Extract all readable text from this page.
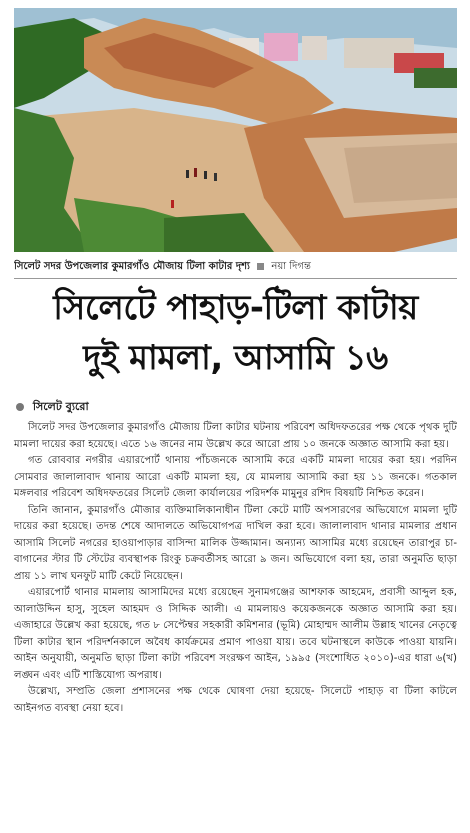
সিলেট সদর উপজেলার কুমারগাঁও মৌজায় টিলা কাটার দৃশ্য নয়া দিগন্ত
সিলেটে পাহাড়-টিলা কাটায়
দুই মামলা, আসামি ১৬
সিলেট ব্যুরো

সিলেট সদর উপজেলার কুমারগাঁও মৌজায় টিলা কাটার ঘটনায় পরিবেশ অধিদফতরের পক্ষ থেকে পৃথক দুটি মামলা দায়ের করা হয়েছে। এতে ১৬ জনের নাম উল্লেখ করে আরো প্রায় ১০ জনকে অজ্ঞাত আসামি করা হয়।

গত রোববার নগরীর এয়ারপোর্ট থানায় পাঁচজনকে আসামি করে একটি মামলা দায়ের করা হয়। পরদিন সোমবার জালালাবাদ থানায় আরো একটি মামলা হয়, যে মামলায় আসামি করা হয় ১১ জনকে। গতকাল মঙ্গলবার পরিবেশ অধিদফতরের সিলেট জেলা কার্যালয়ের পরিদর্শক মামুনুর রশিদ বিষয়টি নিশ্চিত করেন।

তিনি জানান, কুমারগাঁও মৌজার ব্যক্তিমালিকানাধীন টিলা কেটে মাটি অপসারণের অভিযোগে মামলা দুটি দায়ের করা হয়েছে। তদন্ত শেষে আদালতে অভিযোগপত্র দাখিল করা হবে। জালালাবাদ থানার মামলার প্রধান আসামি সিলেট নগরের হাওয়াপাড়ার বাসিন্দা মালিক উজ্জামান। অন্যান্য আসামির মধ্যে রয়েছেন তারাপুর চা-বাগানের স্টার টি স্টেটের ব্যবস্থাপক রিংকু চক্রবর্তীসহ আরো ৯ জন। অভিযোগে বলা হয়, তারা অনুমতি ছাড়া প্রায় ১১ লাখ ঘনফুট মাটি কেটে নিয়েছেন।

এয়ারপোর্ট থানার মামলায় আসামিদের মধ্যে রয়েছেন সুনামগঞ্জের আশফাক আহমেদ, প্রবাসী আব্দুল হক, আলাউদ্দিন হাসু, সুহেল আহমদ ও সিদ্দিক আলী। এ মামলায়ও কয়েকজনকে অজ্ঞাত আসামি করা হয়। এজাহারে উল্লেখ করা হয়েছে, গত ৮ সেপ্টেম্বর সহকারী কমিশনার (ভূমি) মোহাম্মদ আলীম উল্লাহ খানের নেতৃত্বে টিলা কাটার স্থান পরিদর্শনকালে অবৈধ কার্যক্রমের প্রমাণ পাওয়া যায়। তবে ঘটনাস্থলে কাউকে পাওয়া যায়নি। আইন অনুযায়ী, অনুমতি ছাড়া টিলা কাটা পরিবেশ সংরক্ষণ আইন, ১৯৯৫ (সংশোধিত ২০১০)-এর ধারা ৬(খ) লঙ্ঘন এবং এটি শাস্তিযোগ্য অপরাধ।

উল্লেখ্য, সম্প্রতি জেলা প্রশাসনের পক্ষ থেকে ঘোষণা দেয়া হয়েছে- সিলেটে পাহাড় বা টিলা কাটলে আইনগত ব্যবস্থা নেয়া হবে।
